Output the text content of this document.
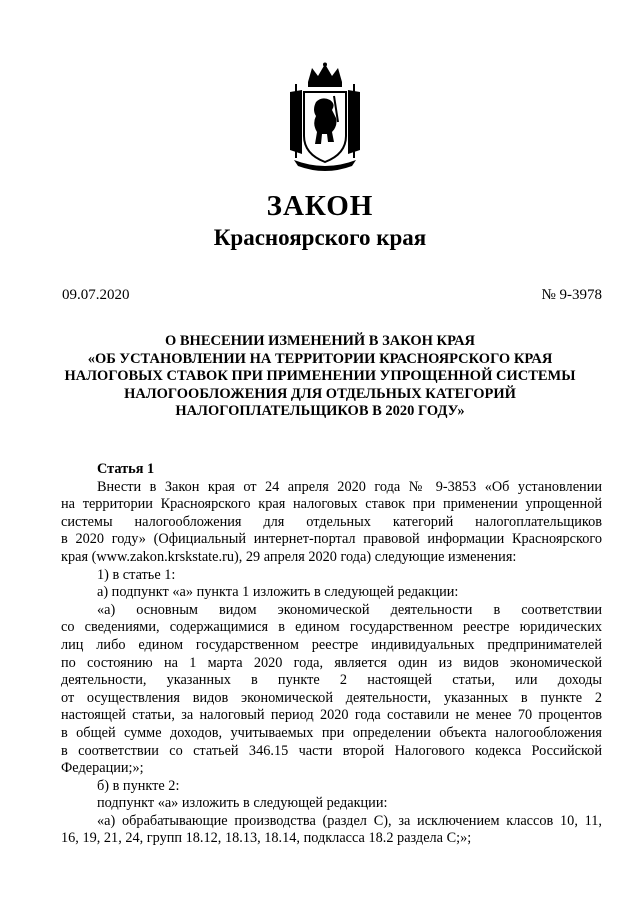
ЗАКОН
Красноярского края
09.07.2020	№ 9-3978
О ВНЕСЕНИИ ИЗМЕНЕНИЙ В ЗАКОН КРАЯ
«ОБ УСТАНОВЛЕНИИ НА ТЕРРИТОРИИ КРАСНОЯРСКОГО КРАЯ
НАЛОГОВЫХ СТАВОК ПРИ ПРИМЕНЕНИИ УПРОЩЕННОЙ СИСТЕМЫ
НАЛОГООБЛОЖЕНИЯ ДЛЯ ОТДЕЛЬНЫХ КАТЕГОРИЙ
НАЛОГОПЛАТЕЛЬЩИКОВ В 2020 ГОДУ»
Статья 1
Внести в Закон края от 24 апреля 2020 года № 9-3853 «Об установлении
на территории Красноярского края налоговых ставок при применении упрощенной
системы налогообложения для отдельных категорий налогоплательщиков
в 2020 году» (Официальный интернет-портал правовой информации Красноярского
края (www.zakon.krskstate.ru), 29 апреля 2020 года) следующие изменения:
1) в статье 1:
а) подпункт «а» пункта 1 изложить в следующей редакции:
«а) основным видом экономической деятельности в соответствии
со сведениями, содержащимися в едином государственном реестре юридических
лиц либо едином государственном реестре индивидуальных предпринимателей
по состоянию на 1 марта 2020 года, является один из видов экономической
деятельности, указанных в пункте 2 настоящей статьи, или доходы
от осуществления видов экономической деятельности, указанных в пункте 2
настоящей статьи, за налоговый период 2020 года составили не менее 70 процентов
в общей сумме доходов, учитываемых при определении объекта налогообложения
в соответствии со статьей 346.15 части второй Налогового кодекса Российской
Федерации;»;
б) в пункте 2:
подпункт «а» изложить в следующей редакции:
«а) обрабатывающие производства (раздел C), за исключением классов 10, 11,
16, 19, 21, 24, групп 18.12, 18.13, 18.14, подкласса 18.2 раздела C;»;
